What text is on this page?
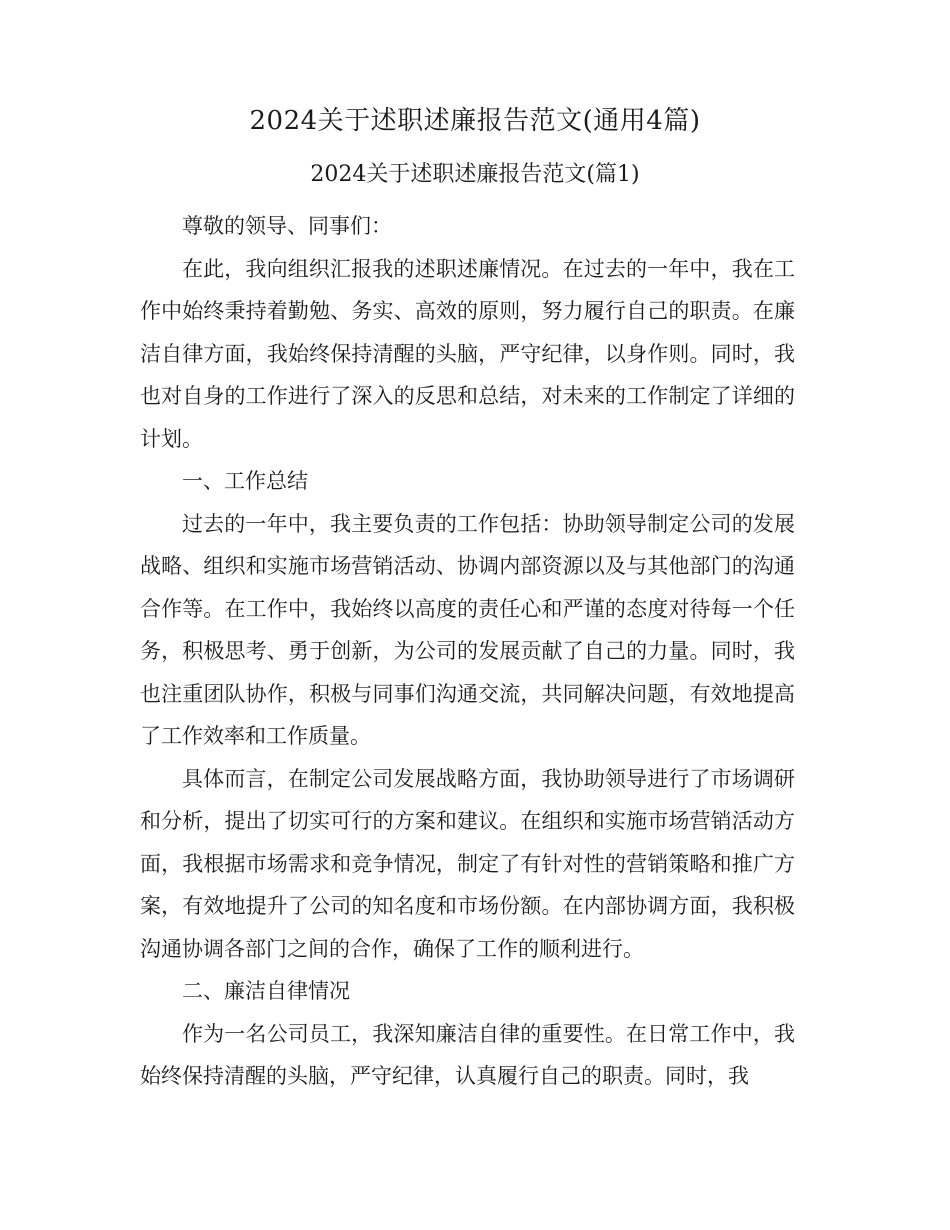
2024关于述职述廉报告范文(通用4篇)
2024关于述职述廉报告范文(篇1)

尊敬的领导、同事们：

在此，我向组织汇报我的述职述廉情况。在过去的一年中，我在工作中始终秉持着勤勉、务实、高效的原则，努力履行自己的职责。在廉洁自律方面，我始终保持清醒的头脑，严守纪律，以身作则。同时，我也对自身的工作进行了深入的反思和总结，对未来的工作制定了详细的计划。

一、工作总结

过去的一年中，我主要负责的工作包括：协助领导制定公司的发展战略、组织和实施市场营销活动、协调内部资源以及与其他部门的沟通合作等。在工作中，我始终以高度的责任心和严谨的态度对待每一个任务，积极思考、勇于创新，为公司的发展贡献了自己的力量。同时，我也注重团队协作，积极与同事们沟通交流，共同解决问题，有效地提高了工作效率和工作质量。

具体而言，在制定公司发展战略方面，我协助领导进行了市场调研和分析，提出了切实可行的方案和建议。在组织和实施市场营销活动方面，我根据市场需求和竞争情况，制定了有针对性的营销策略和推广方案，有效地提升了公司的知名度和市场份额。在内部协调方面，我积极沟通协调各部门之间的合作，确保了工作的顺利进行。

二、廉洁自律情况

作为一名公司员工，我深知廉洁自律的重要性。在日常工作中，我始终保持清醒的头脑，严守纪律，认真履行自己的职责。同时，我
